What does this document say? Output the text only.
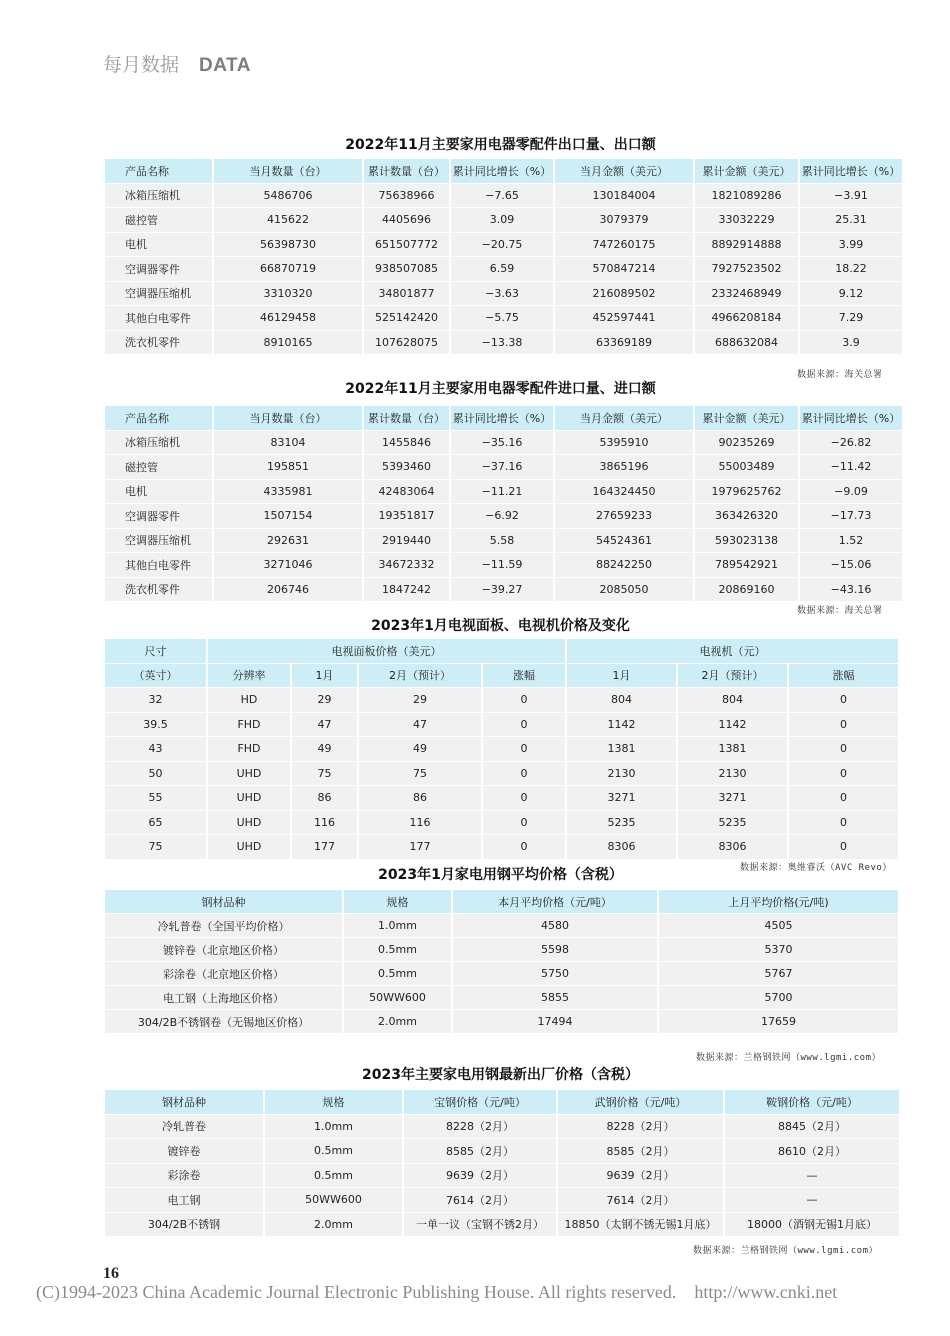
每月数据 DATA
2022年11月主要家用电器零配件出口量、出口额
产品名称	当月数量（台）	累计数量（台）	累计同比增长（%）	当月金额（美元）	累计金额（美元）	累计同比增长（%）
冰箱压缩机	5486706	75638966	−7.65	130184004	1821089286	−3.91
磁控管	415622	4405696	3.09	3079379	33032229	25.31
电机	56398730	651507772	−20.75	747260175	8892914888	3.99
空调器零件	66870719	938507085	6.59	570847214	7927523502	18.22
空调器压缩机	3310320	34801877	−3.63	216089502	2332468949	9.12
其他白电零件	46129458	525142420	−5.75	452597441	4966208184	7.29
洗衣机零件	8910165	107628075	−13.38	63369189	688632084	3.9
数据来源：海关总署
2022年11月主要家用电器零配件进口量、进口额
产品名称	当月数量（台）	累计数量（台）	累计同比增长（%）	当月金额（美元）	累计金额（美元）	累计同比增长（%）
冰箱压缩机	83104	1455846	−35.16	5395910	90235269	−26.82
磁控管	195851	5393460	−37.16	3865196	55003489	−11.42
电机	4335981	42483064	−11.21	164324450	1979625762	−9.09
空调器零件	1507154	19351817	−6.92	27659233	363426320	−17.73
空调器压缩机	292631	2919440	5.58	54524361	593023138	1.52
其他白电零件	3271046	34672332	−11.59	88242250	789542921	−15.06
洗衣机零件	206746	1847242	−39.27	2085050	20869160	−43.16
数据来源：海关总署
2023年1月电视面板、电视机价格及变化
尺寸	电视面板价格（美元）				电视机（元）		
（英寸）	分辨率	1月	2月（预计）	涨幅	1月	2月（预计）	涨幅
32	HD	29	29	0	804	804	0
39.5	FHD	47	47	0	1142	1142	0
43	FHD	49	49	0	1381	1381	0
50	UHD	75	75	0	2130	2130	0
55	UHD	86	86	0	3271	3271	0
65	UHD	116	116	0	5235	5235	0
75	UHD	177	177	0	8306	8306	0
数据来源：奥维睿沃（AVC Revo）
2023年1月家电用钢平均价格（含税）
钢材品种	规格	本月平均价格（元/吨）	上月平均价格(元/吨)
冷轧普卷（全国平均价格）	1.0mm	4580	4505
镀锌卷（北京地区价格）	0.5mm	5598	5370
彩涂卷（北京地区价格）	0.5mm	5750	5767
电工钢（上海地区价格）	50WW600	5855	5700
304/2B不锈钢卷（无锡地区价格）	2.0mm	17494	17659
数据来源：兰格钢铁网（www.lgmi.com）
2023年主要家电用钢最新出厂价格（含税）
钢材品种	规格	宝钢价格（元/吨）	武钢价格（元/吨）	鞍钢价格（元/吨）
冷轧普卷	1.0mm	8228（2月）	8228（2月）	8845（2月）
镀锌卷	0.5mm	8585（2月）	8585（2月）	8610（2月）
彩涂卷	0.5mm	9639（2月）	9639（2月）	—
电工钢	50WW600	7614（2月）	7614（2月）	—
304/2B不锈钢	2.0mm	一单一议（宝钢不锈2月）	18850（太钢不锈无锡1月底）	18000（酒钢无锡1月底）
数据来源：兰格钢铁网（www.lgmi.com）
16
(C)1994-2023 China Academic Journal Electronic Publishing House. All rights reserved. http://www.cnki.net
